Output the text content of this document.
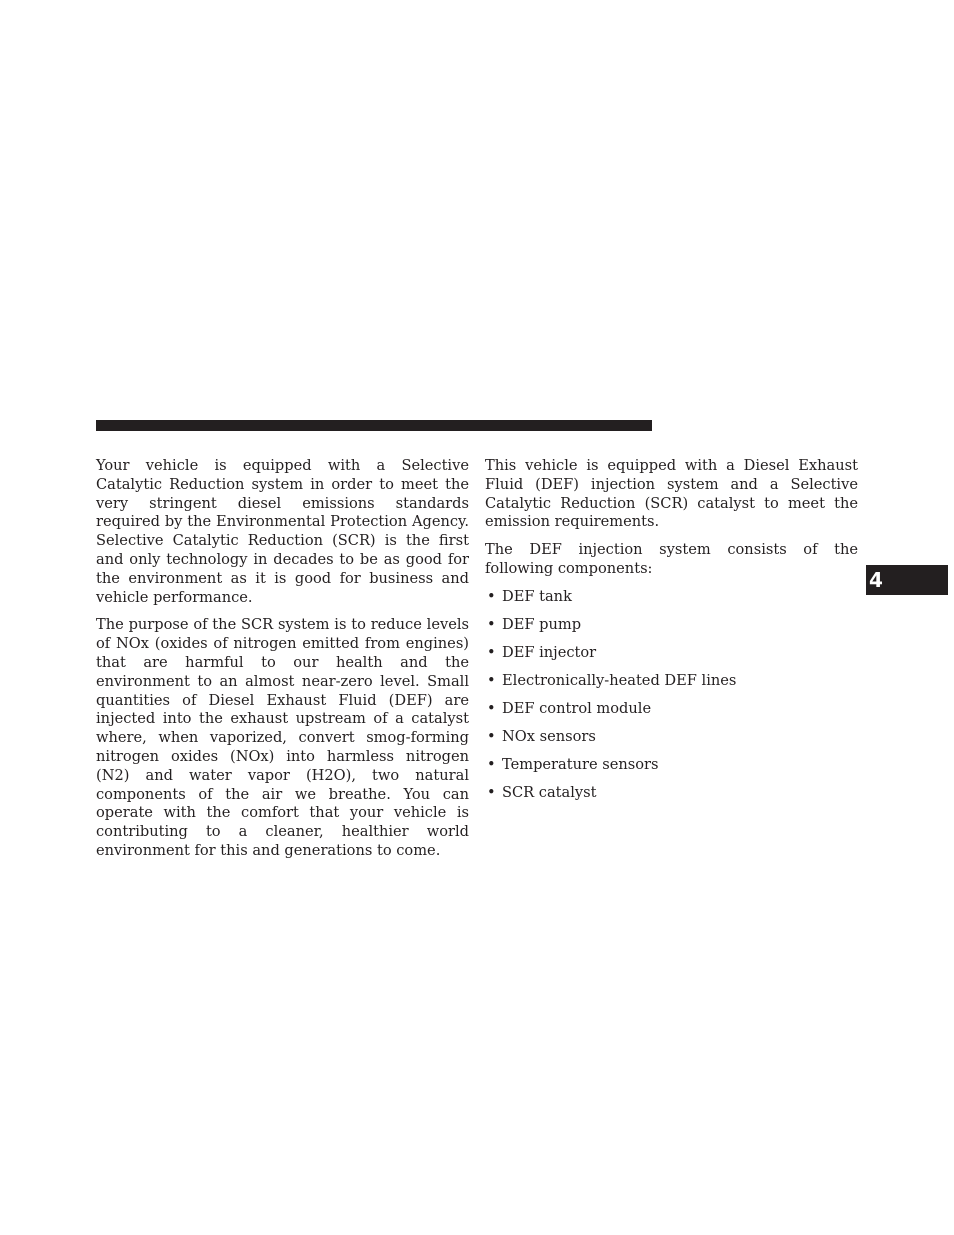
Your vehicle is equipped with a Selective Catalytic Reduction system in order to meet the very stringent diesel emissions standards required by the Environmental Protection Agency. Selective Catalytic Reduction (SCR) is the first and only technology in decades to be as good for the environment as it is good for business and vehicle performance.

The purpose of the SCR system is to reduce levels of NOx (oxides of nitrogen emitted from engines) that are harmful to our health and the environment to an almost near-zero level. Small quantities of Diesel Exhaust Fluid (DEF) are injected into the exhaust upstream of a catalyst where, when vaporized, convert smog-forming nitrogen oxides (NOx) into harmless nitrogen (N2) and water vapor (H2O), two natural components of the air we breathe. You can operate with the comfort that your vehicle is contributing to a cleaner, healthier world environment for this and generations to come.

This vehicle is equipped with a Diesel Exhaust Fluid (DEF) injection system and a Selective Catalytic Reduction (SCR) catalyst to meet the emission requirements.

The DEF injection system consists of the following components:

• DEF tank
• DEF pump
• DEF injector
• Electronically-heated DEF lines
• DEF control module
• NOx sensors
• Temperature sensors
• SCR catalyst
4
